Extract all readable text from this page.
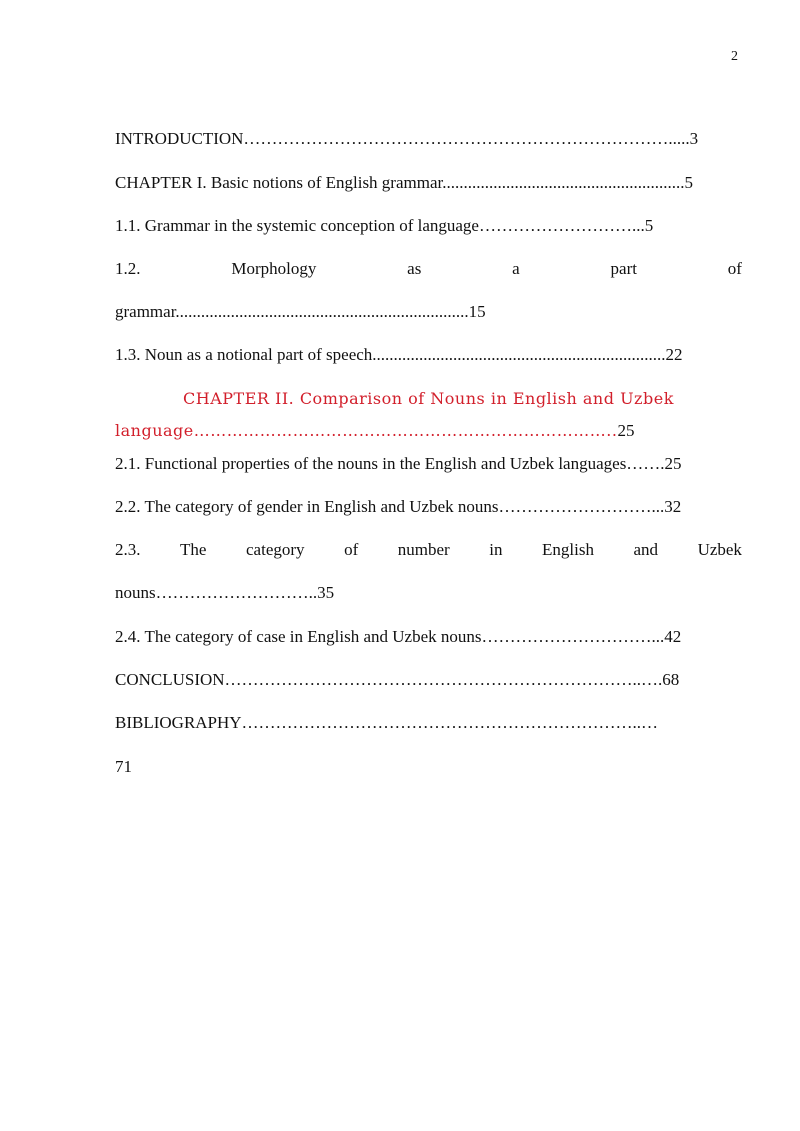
2
INTRODUCTION………………………………………………………………….....3
CHAPTER I. Basic notions of English grammar.........................................................5
1.1. Grammar in the systemic conception of language………………………...5
1.2.	Morphology	as	a	part	of
grammar.....................................................................15
1.3. Noun as a notional part of speech.....................................................................22
CHAPTER II. Comparison of Nouns in English and Uzbek
language…………………………………………………………………..25
2.1. Functional properties of the nouns in the English and Uzbek languages…….25
2.2. The category of gender in English and Uzbek nouns………………………...32
2.3. The category of number in English and Uzbek
nouns………………………..35
2.4. The category of case in English and Uzbek nouns…………………………...42
CONCLUSION………………………………………………………………..….68
BIBLIOGRAPHY……………………………………………………………..…
71
